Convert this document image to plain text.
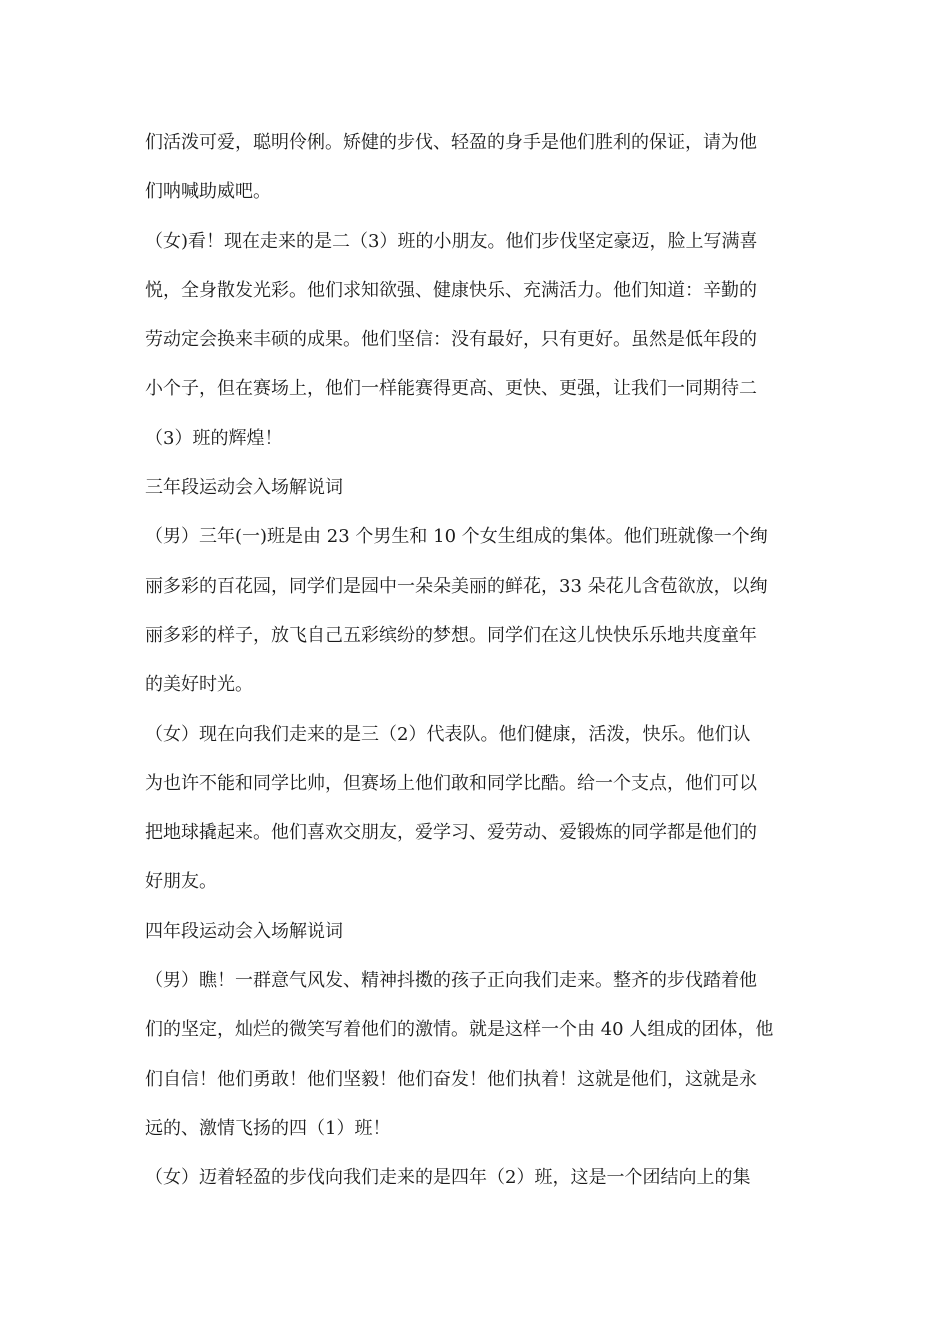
们活泼可爱，聪明伶俐。矫健的步伐、轻盈的身手是他们胜利的保证，请为他
们呐喊助威吧。

（女)看！现在走来的是二（3）班的小朋友。他们步伐坚定豪迈，脸上写满喜
悦，全身散发光彩。他们求知欲强、健康快乐、充满活力。他们知道：辛勤的
劳动定会换来丰硕的成果。他们坚信：没有最好，只有更好。虽然是低年段的
小个子，但在赛场上，他们一样能赛得更高、更快、更强，让我们一同期待二
（3）班的辉煌！

三年段运动会入场解说词

（男）三年(一)班是由 23 个男生和 10 个女生组成的集体。他们班就像一个绚
丽多彩的百花园，同学们是园中一朵朵美丽的鲜花，33 朵花儿含苞欲放，以绚
丽多彩的样子，放飞自己五彩缤纷的梦想。同学们在这儿快快乐乐地共度童年
的美好时光。

（女）现在向我们走来的是三（2）代表队。他们健康，活泼，快乐。他们认
为也许不能和同学比帅，但赛场上他们敢和同学比酷。给一个支点，他们可以
把地球撬起来。他们喜欢交朋友，爱学习、爱劳动、爱锻炼的同学都是他们的
好朋友。

四年段运动会入场解说词

（男）瞧！一群意气风发、精神抖擞的孩子正向我们走来。整齐的步伐踏着他
们的坚定，灿烂的微笑写着他们的激情。就是这样一个由 40 人组成的团体，他
们自信！他们勇敢！他们坚毅！他们奋发！他们执着！这就是他们，这就是永
远的、激情飞扬的四（1）班！

（女）迈着轻盈的步伐向我们走来的是四年（2）班，这是一个团结向上的集
